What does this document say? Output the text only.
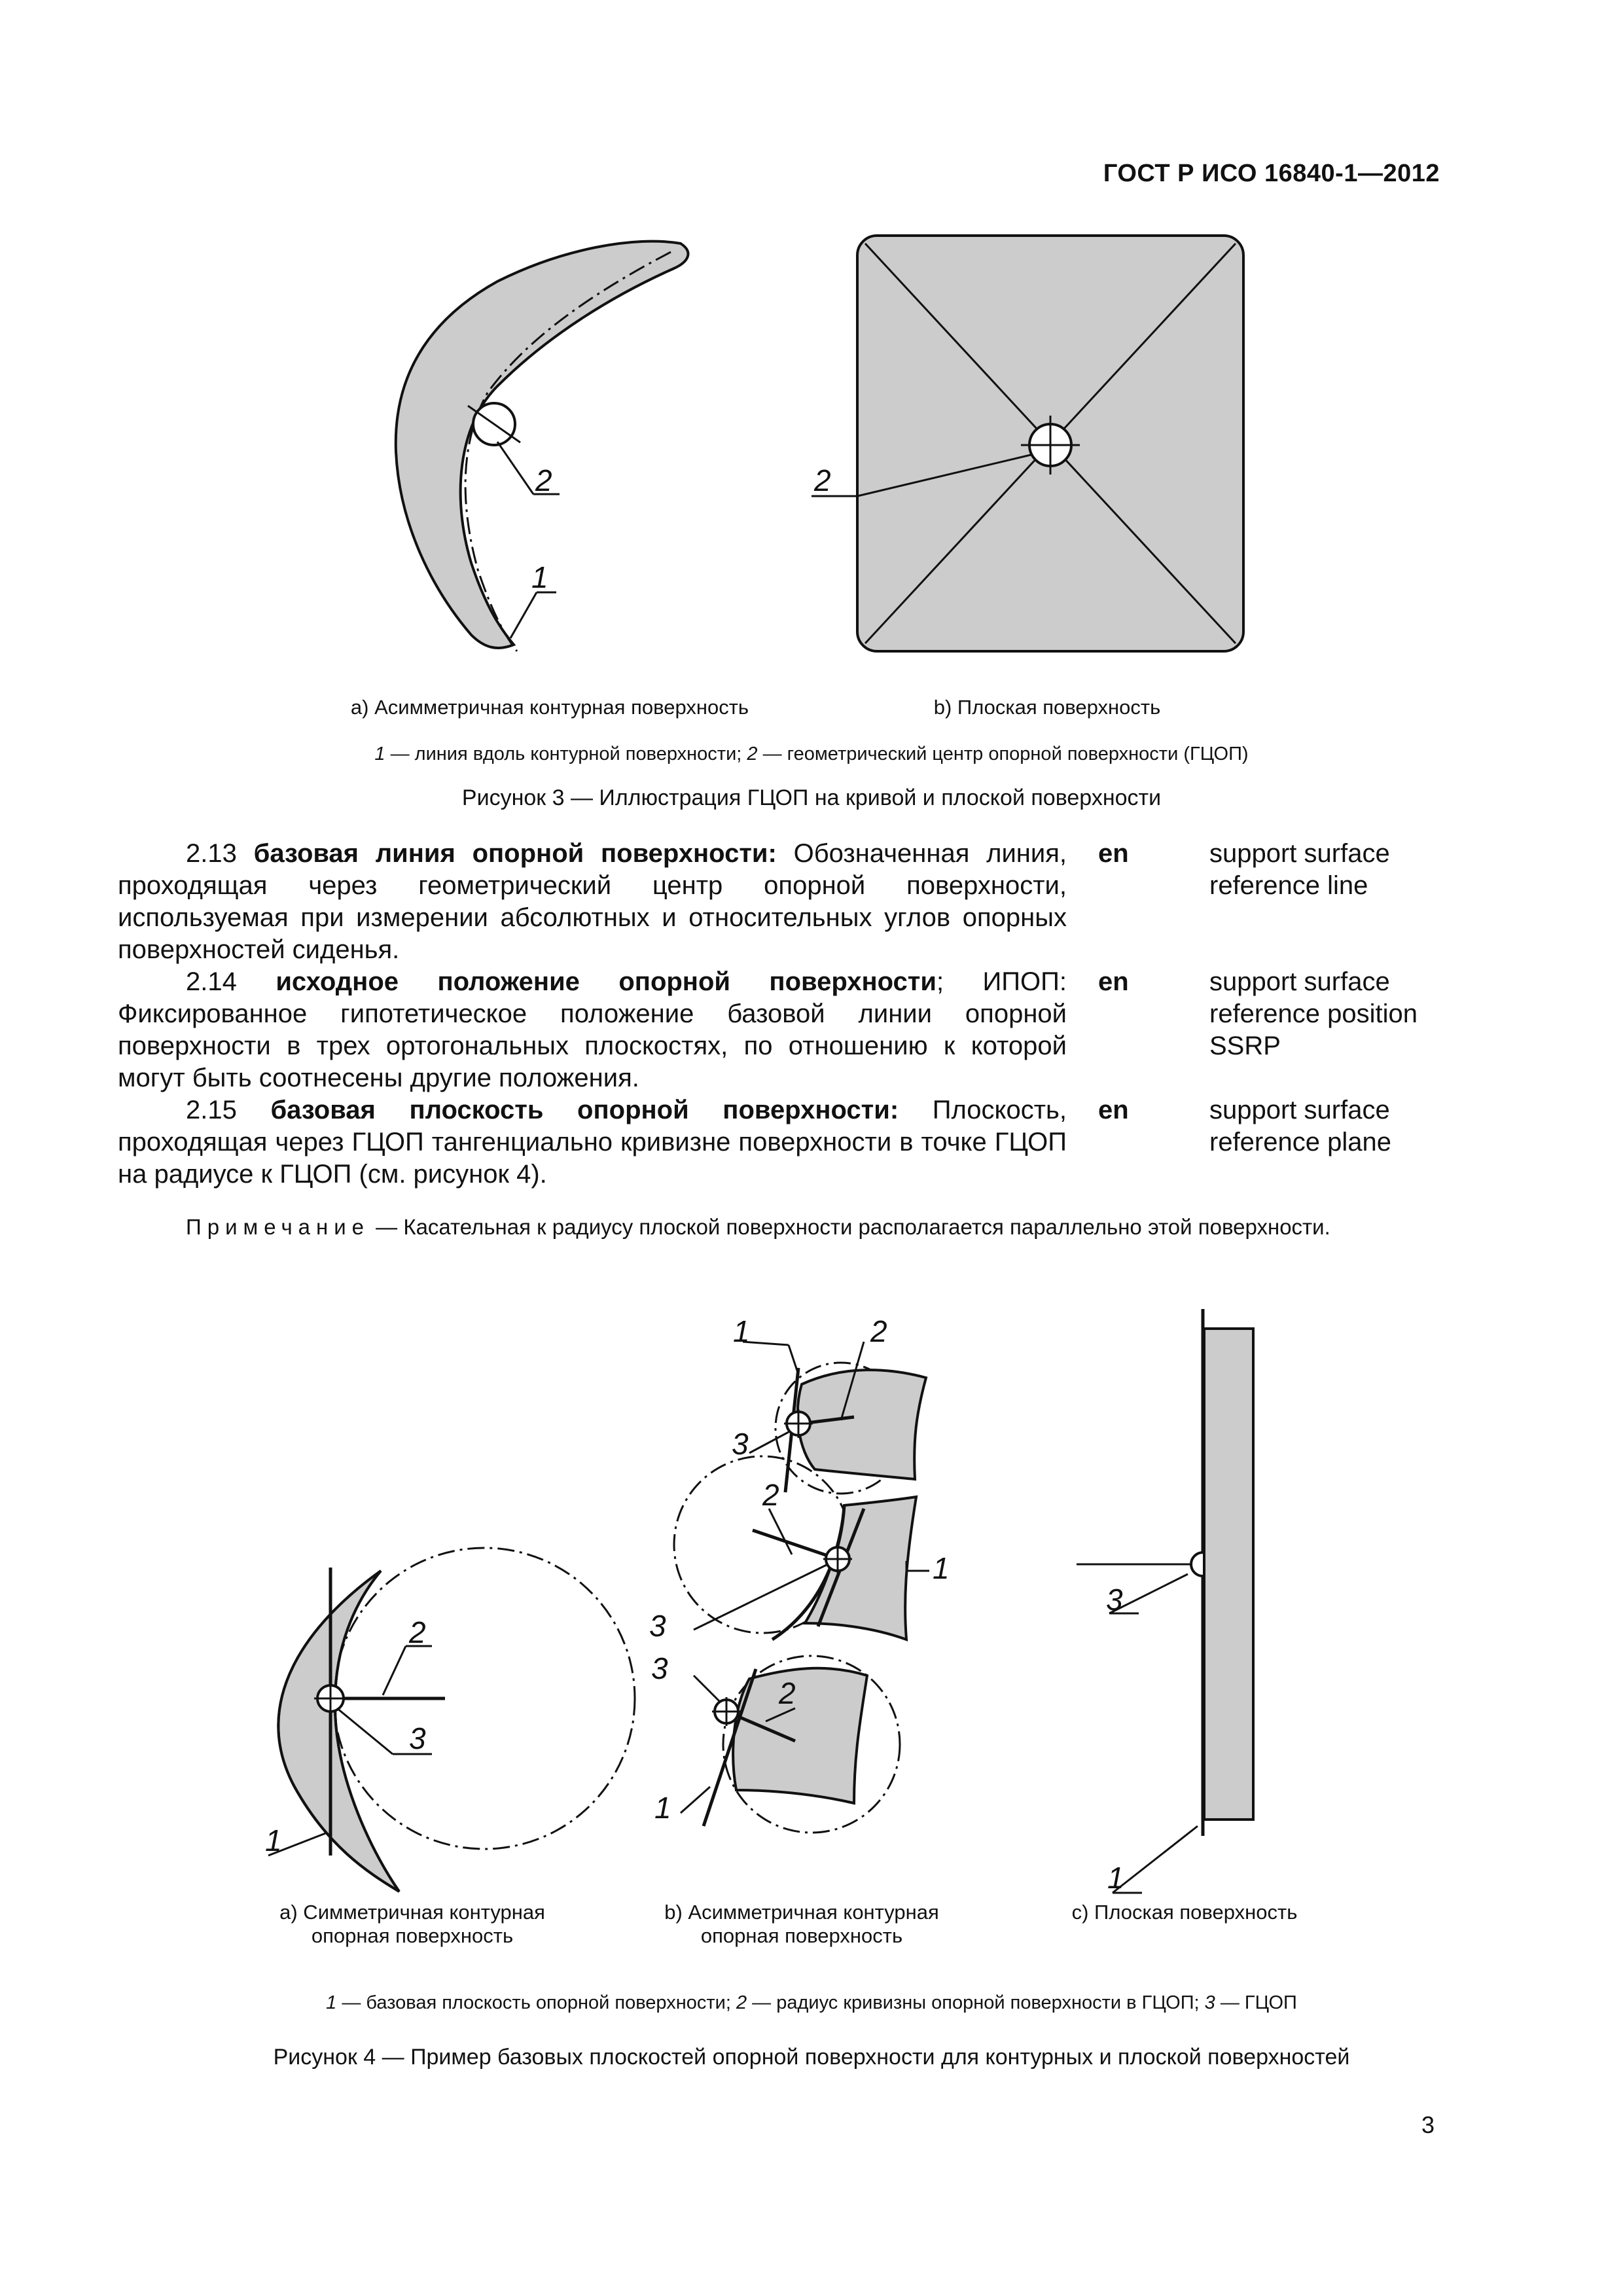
ГОСТ Р ИСО 16840-1—2012
2
1
2
a) Асимметричная контурная поверхность	b) Плоская поверхность
1 — линия вдоль контурной поверхности; 2 — геометрический центр опорной поверхности (ГЦОП)
Рисунок 3 — Иллюстрация ГЦОП на кривой и плоской поверхности
2.13 базовая линия опорной поверхности: Обозначенная линия, проходящая через геометрический центр опорной поверхности, используемая при измерении абсолютных и относительных углов опорных поверхностей сиденья.
en	support surface
reference line
2.14 исходное положение опорной поверхности; ИПОП: Фиксированное гипотетическое положение базовой линии опорной поверхности в трех ортогональных плоскостях, по отношению к которой могут быть соотнесены другие положения.
en	support surface
reference position
SSRP
2.15 базовая плоскость опорной поверхности: Плоскость, проходящая через ГЦОП тангенциально кривизне поверхности в точке ГЦОП на радиусе к ГЦОП (см. рисунок 4).
en	support surface
reference plane
Примечание — Касательная к радиусу плоской поверхности располагается параллельно этой поверхности.
2
3
1
1	2
3
2
1
3
3
2
1
3
1
a) Симметричная контурная
опорная поверхность
b) Асимметричная контурная
опорная поверхность
c) Плоская поверхность
1 — базовая плоскость опорной поверхности; 2 — радиус кривизны опорной поверхности в ГЦОП; 3 — ГЦОП
Рисунок 4 — Пример базовых плоскостей опорной поверхности для контурных и плоской поверхностей
3
